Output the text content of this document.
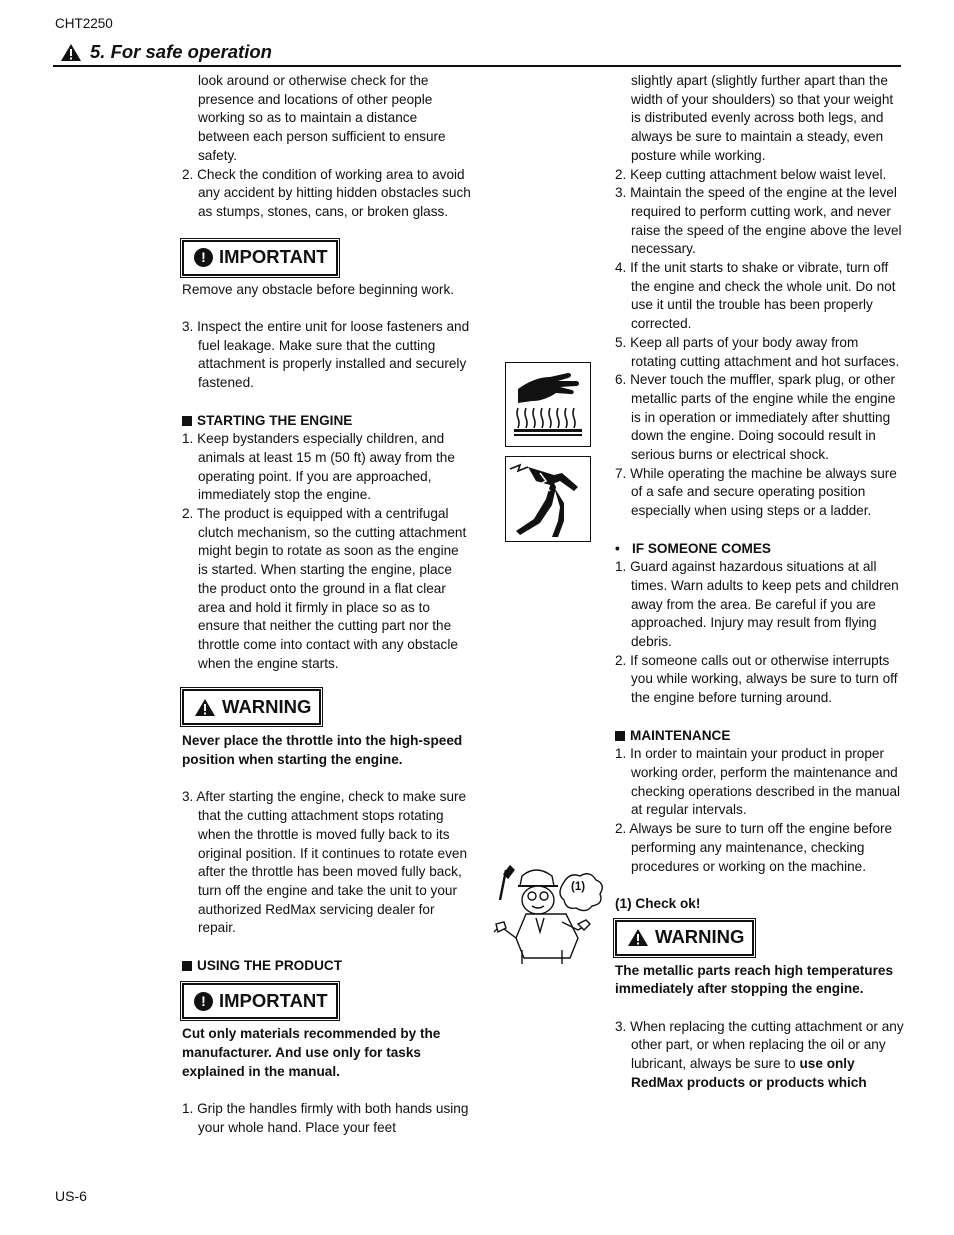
CHT2250
5. For safe operation
look around or otherwise check for the presence and locations of other people working so as to maintain a distance between each person sufficient to ensure safety.
2. Check the condition of working area to avoid any accident by hitting hidden obstacles such as stumps, stones, cans, or broken glass.
! IMPORTANT
Remove any obstacle before beginning work.
3. Inspect the entire unit for loose fasteners and fuel leakage. Make sure that the cutting attachment is properly installed and securely fastened.
STARTING THE ENGINE
1. Keep bystanders especially children, and animals at least 15 m (50 ft) away from the operating point. If you are approached, immediately stop the engine.
2. The product is equipped with a centrifugal clutch mechanism, so the cutting attachment might begin to rotate as soon as the engine is started. When starting the engine, place the product onto the ground in a flat clear area and hold it firmly in place so as to ensure that neither the cutting part nor the throttle come into contact with any obstacle when the engine starts.
WARNING
Never place the throttle into the high-speed position when starting the engine.
3. After starting the engine, check to make sure that the cutting attachment stops rotating when the throttle is moved fully back to its original position. If it continues to rotate even after the throttle has been moved fully back, turn off the engine and take the unit to your authorized RedMax servicing dealer for repair.
USING THE PRODUCT
! IMPORTANT
Cut only materials recommended by the manufacturer. And use only for tasks explained in the manual.
1. Grip the handles firmly with both hands using your whole hand. Place your feet
(1)
slightly apart (slightly further apart than the width of your shoulders) so that your weight is distributed evenly across both legs, and always be sure to maintain a steady, even posture while working.
2. Keep cutting attachment below waist level.
3. Maintain the speed of the engine at the level required to perform cutting work, and never raise the speed of the engine above the level necessary.
4. If the unit starts to shake or vibrate, turn off the engine and check the whole unit. Do not use it until the trouble has been properly corrected.
5. Keep all parts of your body away from rotating cutting attachment and hot surfaces.
6. Never touch the muffler, spark plug, or other metallic parts of the engine while the engine is in operation or immediately after shutting down the engine. Doing socould result in serious burns or electrical shock.
7. While operating the machine be always sure of a safe and secure operating position especially when using steps or a ladder.
• IF SOMEONE COMES
1. Guard against hazardous situations at all times. Warn adults to keep pets and children away from the area. Be careful if you are approached. Injury may result from flying debris.
2. If someone calls out or otherwise interrupts you while working, always be sure to turn off the engine before turning around.
MAINTENANCE
1. In order to maintain your product in proper working order, perform the maintenance and checking operations described in the manual at regular intervals.
2. Always be sure to turn off the engine before performing any maintenance, checking procedures or working on the machine.
(1) Check ok!
WARNING
The metallic parts reach high temperatures immediately after stopping the engine.
3. When replacing the cutting attachment or any other part, or when replacing the oil or any lubricant, always be sure to use only RedMax products or products which
US-6
